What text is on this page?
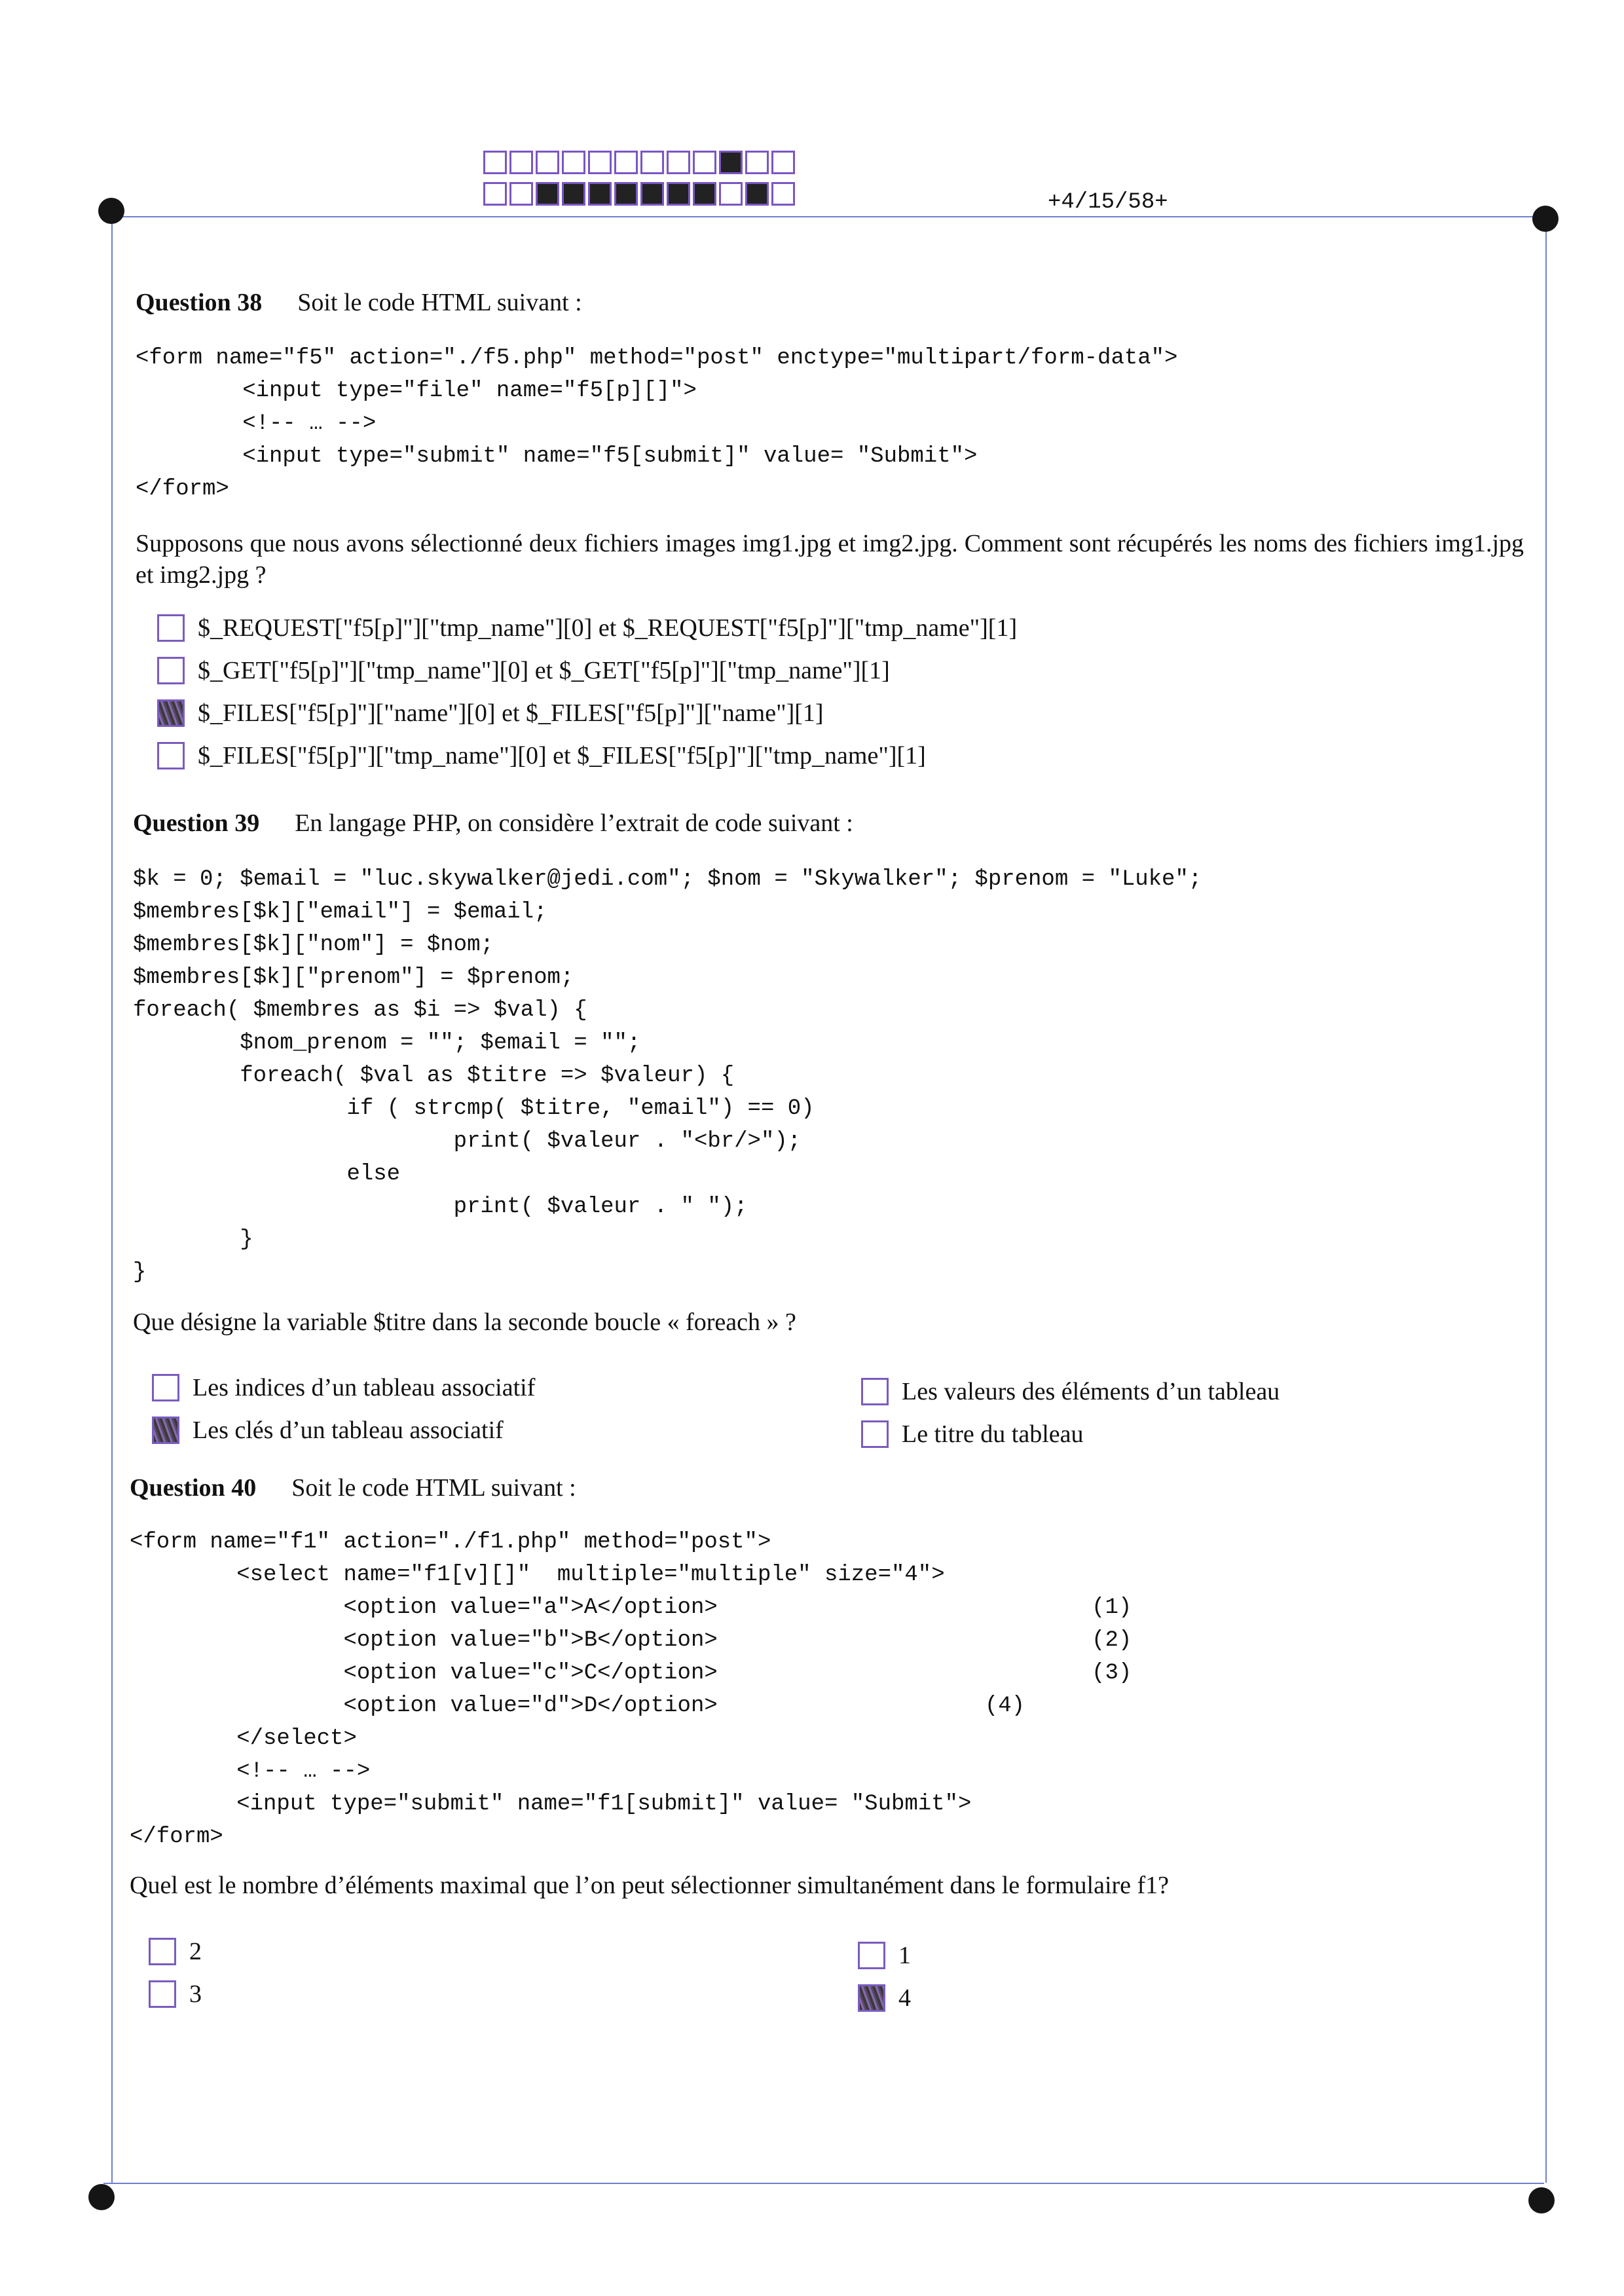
+4/15/58+
Question 38 Soit le code HTML suivant :
<form name="f5" action="./f5.php" method="post" enctype="multipart/form-data">
<input type="file" name="f5[p][]">
<!-- … -->
<input type="submit" name="f5[submit]" value= "Submit">
</form>
Supposons que nous avons sélectionné deux fichiers images img1.jpg et img2.jpg. Comment sont récupérés les noms des fichiers img1.jpg et img2.jpg ?
$_REQUEST["f5[p]"]["tmp_name"][0] et $_REQUEST["f5[p]"]["tmp_name"][1]
$_GET["f5[p]"]["tmp_name"][0] et $_GET["f5[p]"]["tmp_name"][1]
$_FILES["f5[p]"]["name"][0] et $_FILES["f5[p]"]["name"][1]
$_FILES["f5[p]"]["tmp_name"][0] et $_FILES["f5[p]"]["tmp_name"][1]
Question 39 En langage PHP, on considère l’extrait de code suivant :
$k = 0; $email = "luc.skywalker@jedi.com"; $nom = "Skywalker"; $prenom = "Luke";
$membres[$k]["email"] = $email;
$membres[$k]["nom"] = $nom;
$membres[$k]["prenom"] = $prenom;
foreach( $membres as $i => $val) {
$nom_prenom = ""; $email = "";
foreach( $val as $titre => $valeur) {
if ( strcmp( $titre, "email") == 0)
print( $valeur . "<br/>");
else
print( $valeur . " ");
}
}
Que désigne la variable $titre dans la seconde boucle « foreach » ?
Les indices d’un tableau associatif
Les clés d’un tableau associatif
Les valeurs des éléments d’un tableau
Le titre du tableau
Question 40 Soit le code HTML suivant :
<form name="f1" action="./f1.php" method="post">
<select name="f1[v][]"  multiple="multiple" size="4">
<option value="a">A</option>                            (1)
<option value="b">B</option>                            (2)
<option value="c">C</option>                            (3)
<option value="d">D</option>                    (4)
</select>
<!-- … -->
<input type="submit" name="f1[submit]" value= "Submit">
</form>
Quel est le nombre d’éléments maximal que l’on peut sélectionner simultanément dans le formulaire f1?
2
3
1
4
